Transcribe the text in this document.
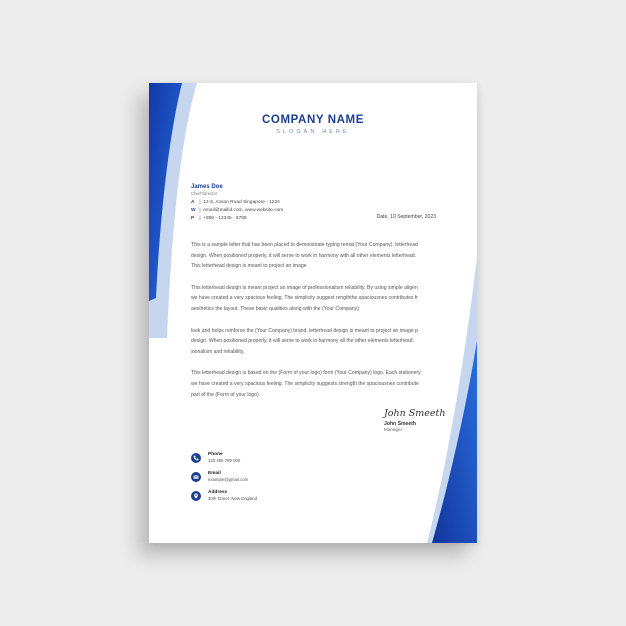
COMPANY NAME
SLOGAN HERE
James Doe
Chief Director
A |  12-3, Anson Road Singapore - 1234
W |  email@mailid.com, www.website.com
P |  +880 - 12345 - 6789	Date, 10 September, 2023
This is a sample letter that has been placed to demonstrate typing remat (Your Company), letterhead
design. When positioned properly, it will serve to work in harmony with all other elements letterhead.
This letterhead design is meant to project an image
This letterhead design is meant project an image of professionalism reliability. By using simple aligen
we have created a very spacious feeling. The simplicity suggest rengththe spaciousnes contributes fr
aesthetics the layout. These basic qualities along with the (Your Company)
look and helps reinforce the (Your Company) brand. letterhead design is meant to project an image p
design. When positioned properly, it will serve to work in harmony all the other elements letterhead.
sionalism and reliability.
This letterhead design is based on the (Form of your logo) form (Your Company) logo. Each stationery
we have created a very spacious feeling. The simplicity suggests strength the spaciousnes contribute
part of the (Form of your logo).
John Smeeth
John Smeeth
Manager
Phone
123 456 789 000
Email
example@gmail.com
Address
30th Street, New England
